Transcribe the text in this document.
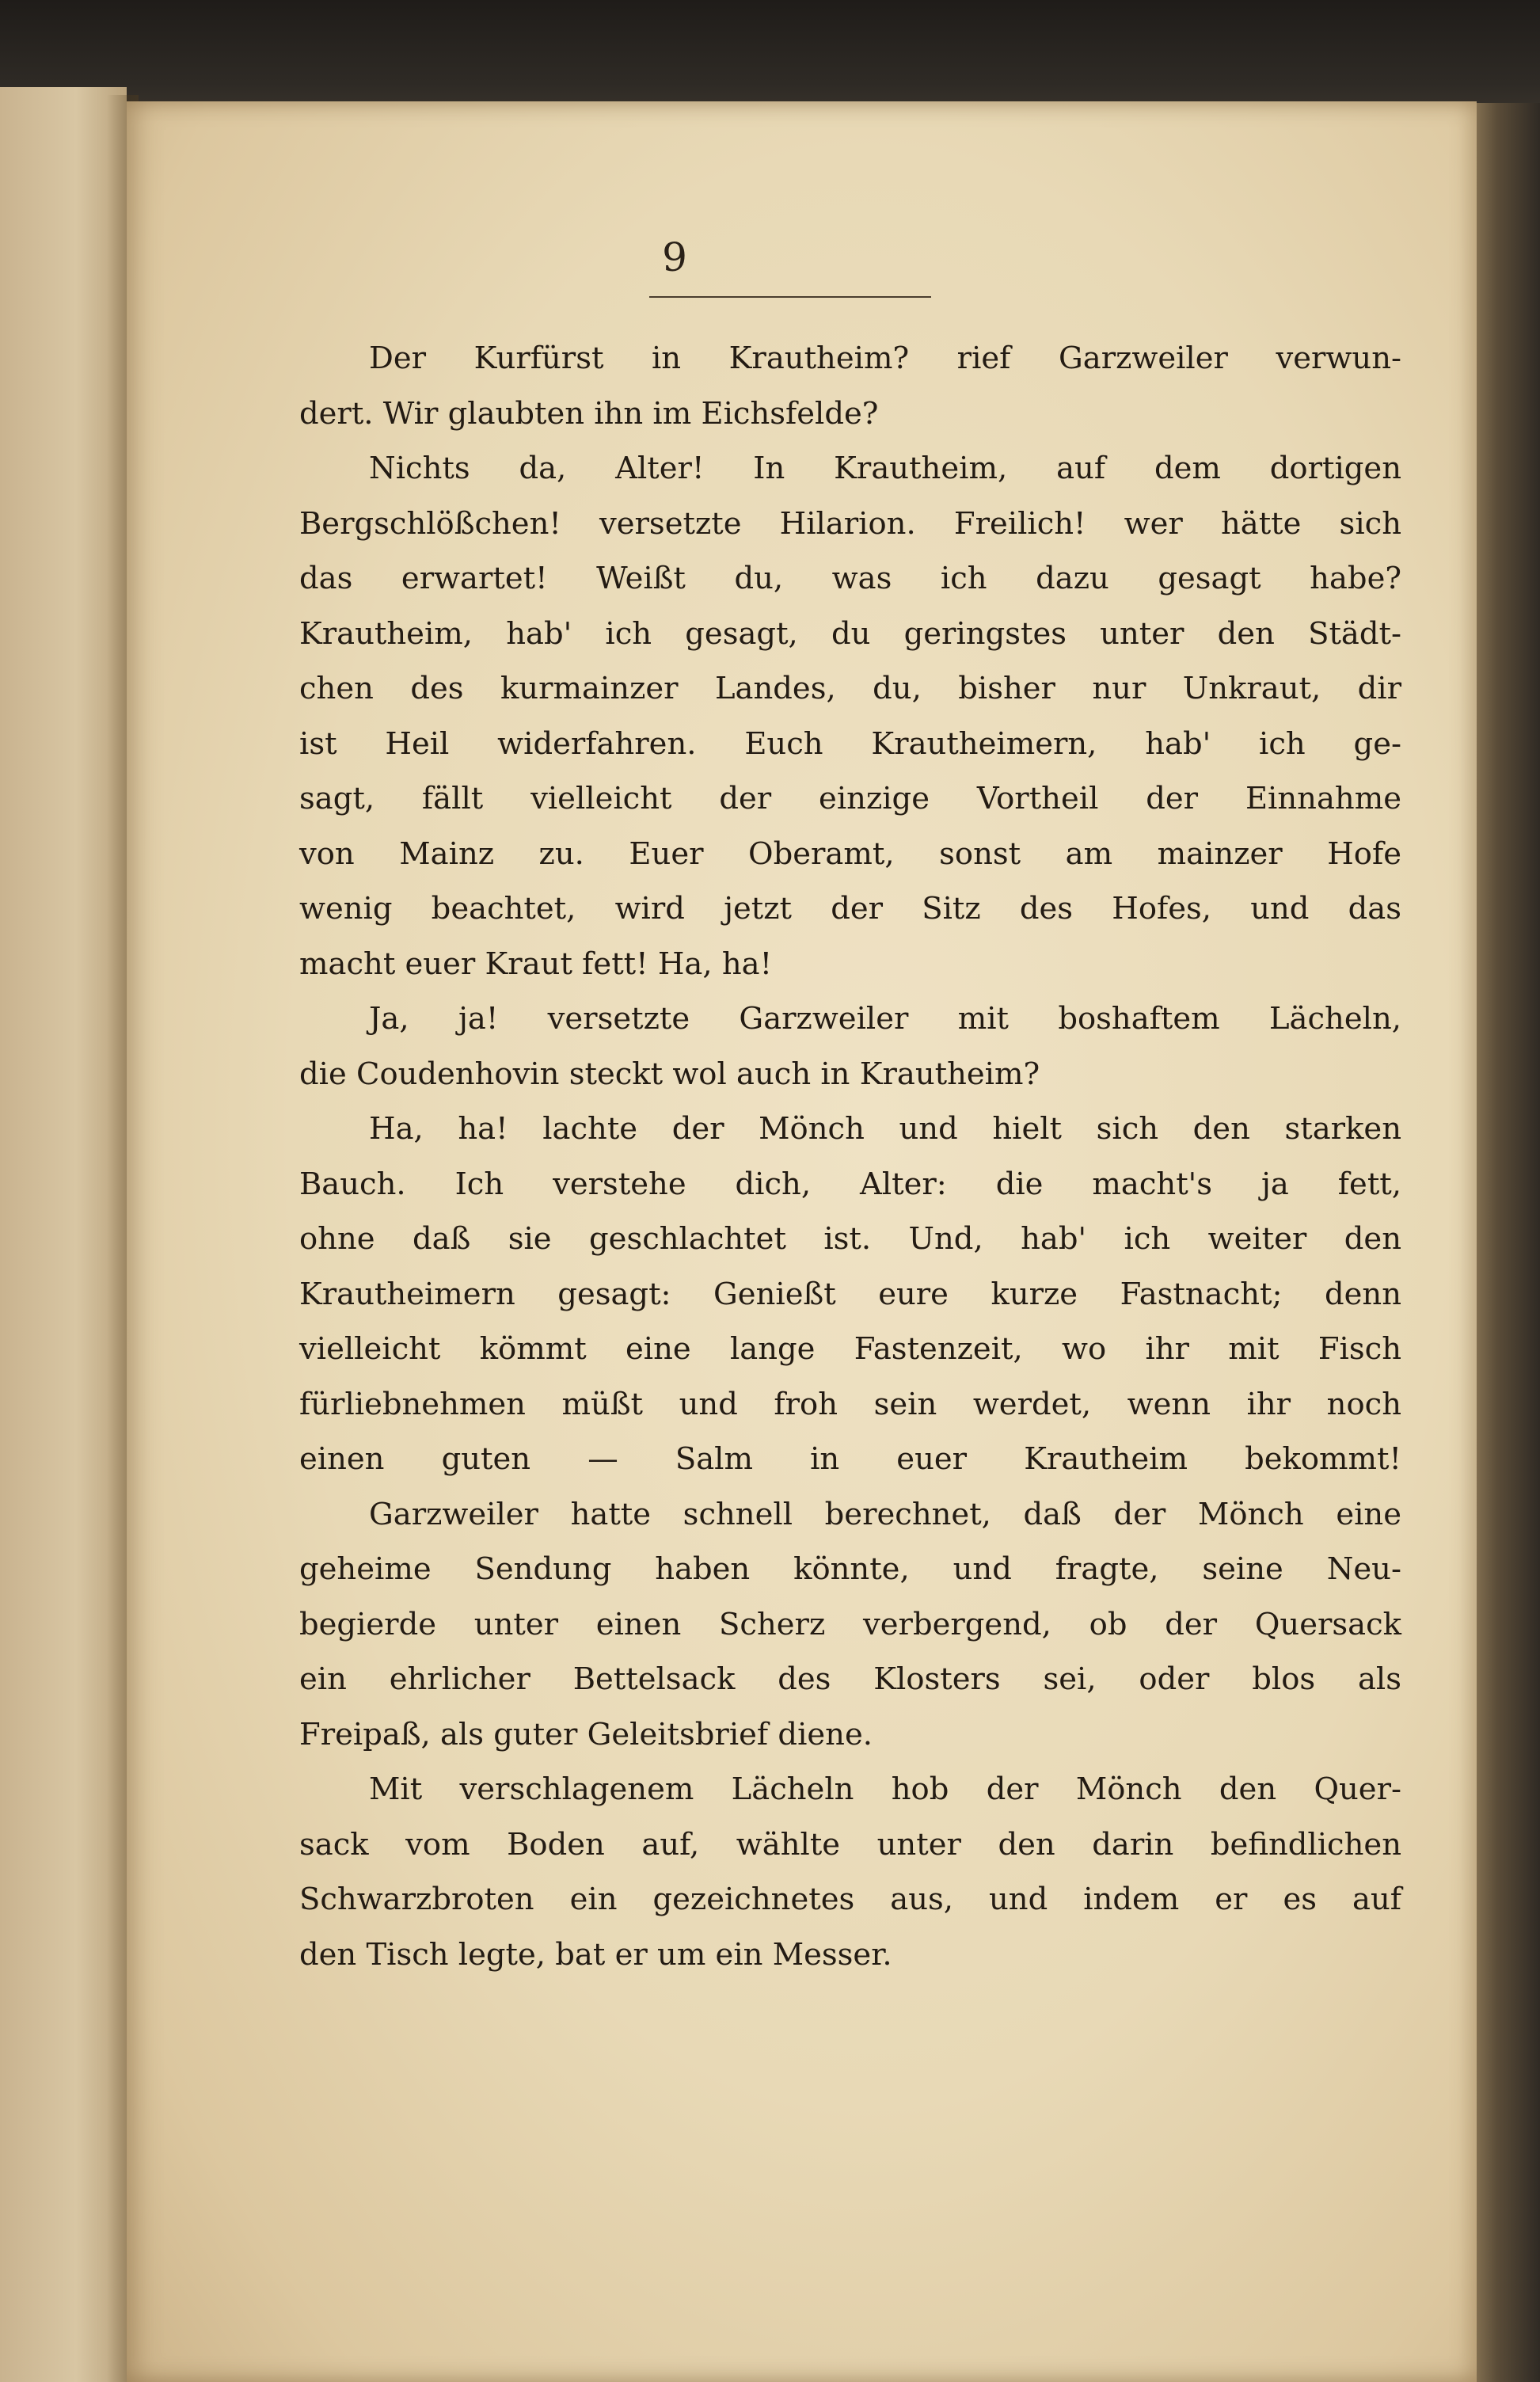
9
Der Kurfürst in Krautheim? rief Garzweiler verwun-
dert. Wir glaubten ihn im Eichsfelde?
Nichts da, Alter! In Krautheim, auf dem dortigen
Bergschlößchen! versetzte Hilarion. Freilich! wer hätte sich
das erwartet! Weißt du, was ich dazu gesagt habe?
Krautheim, hab' ich gesagt, du geringstes unter den Städt-
chen des kurmainzer Landes, du, bisher nur Unkraut, dir
ist Heil widerfahren. Euch Krautheimern, hab' ich ge-
sagt, fällt vielleicht der einzige Vortheil der Einnahme
von Mainz zu. Euer Oberamt, sonst am mainzer Hofe
wenig beachtet, wird jetzt der Sitz des Hofes, und das
macht euer Kraut fett! Ha, ha!
Ja, ja! versetzte Garzweiler mit boshaftem Lächeln,
die Coudenhovin steckt wol auch in Krautheim?
Ha, ha! lachte der Mönch und hielt sich den starken
Bauch. Ich verstehe dich, Alter: die macht's ja fett,
ohne daß sie geschlachtet ist. Und, hab' ich weiter den
Krautheimern gesagt: Genießt eure kurze Fastnacht; denn
vielleicht kömmt eine lange Fastenzeit, wo ihr mit Fisch
fürliebnehmen müßt und froh sein werdet, wenn ihr noch
einen guten — Salm in euer Krautheim bekommt!
Garzweiler hatte schnell berechnet, daß der Mönch eine
geheime Sendung haben könnte, und fragte, seine Neu-
begierde unter einen Scherz verbergend, ob der Quersack
ein ehrlicher Bettelsack des Klosters sei, oder blos als
Freipaß, als guter Geleitsbrief diene.
Mit verschlagenem Lächeln hob der Mönch den Quer-
sack vom Boden auf, wählte unter den darin befindlichen
Schwarzbroten ein gezeichnetes aus, und indem er es auf
den Tisch legte, bat er um ein Messer.
